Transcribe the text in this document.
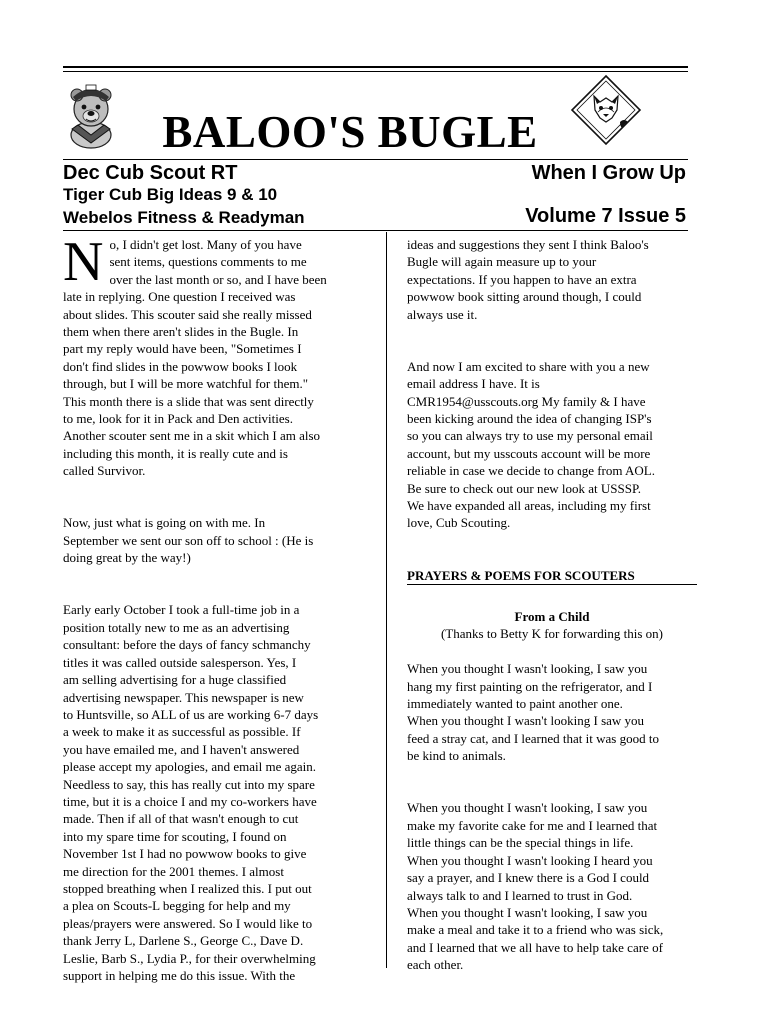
BALOO'S BUGLE
Dec Cub Scout RT
Tiger Cub Big Ideas 9 & 10
Webelos Fitness & Readyman
When I Grow Up
Volume 7 Issue 5
N o, I didn't get lost. Many of you have

sent items, questions comments to me

over the last month or so, and I have been

late in replying. One question I received was

about slides. This scouter said she really missed

them when there aren't slides in the Bugle. In

part my reply would have been, "Sometimes I

don't find slides in the powwow books I look

through, but I will be more watchful for them."

This month there is a slide that was sent directly

to me, look for it in Pack and Den activities.

Another scouter sent me in a skit which I am also

including this month, it is really cute and is

called Survivor.

Now, just what is going on with me. In

September we sent our son off to school : (He is

doing great by the way!)

Early early October I took a full-time job in a

position totally new to me as an advertising

consultant: before the days of fancy schmanchy

titles it was called outside salesperson. Yes, I

am selling advertising for a huge classified

advertising newspaper. This newspaper is new

to Huntsville, so ALL of us are working 6-7 days

a week to make it as successful as possible. If

you have emailed me, and I haven't answered

please accept my apologies, and email me again.

Needless to say, this has really cut into my spare

time, but it is a choice I and my co-workers have

made. Then if all of that wasn't enough to cut

into my spare time for scouting, I found on

November 1st I had no powwow books to give

me direction for the 2001 themes. I almost

stopped breathing when I realized this. I put out

a plea on Scouts-L begging for help and my

pleas/prayers were answered. So I would like to

thank Jerry L, Darlene S., George C., Dave D.

Leslie, Barb S., Lydia P., for their overwhelming

support in helping me do this issue. With the

ideas and suggestions they sent I think Baloo's

Bugle will again measure up to your

expectations. If you happen to have an extra

powwow book sitting around though, I could

always use it.

And now I am excited to share with you a new

email address I have. It is

CMR1954@usscouts.org My family & I have

been kicking around the idea of changing ISP's

so you can always try to use my personal email

account, but my usscouts account will be more

reliable in case we decide to change from AOL.

Be sure to check out our new look at USSSP.

We have expanded all areas, including my first

love, Cub Scouting.

PRAYERS & POEMS FOR SCOUTERS

From a Child

(Thanks to Betty K for forwarding this on)

When you thought I wasn't looking, I saw you

hang my first painting on the refrigerator, and I

immediately wanted to paint another one.

When you thought I wasn't looking I saw you

feed a stray cat, and I learned that it was good to

be kind to animals.

When you thought I wasn't looking, I saw you

make my favorite cake for me and I learned that

little things can be the special things in life.

When you thought I wasn't looking I heard you

say a prayer, and I knew there is a God I could

always talk to and I learned to trust in God.

When you thought I wasn't looking, I saw you

make a meal and take it to a friend who was sick,

and I learned that we all have to help take care of

each other.
